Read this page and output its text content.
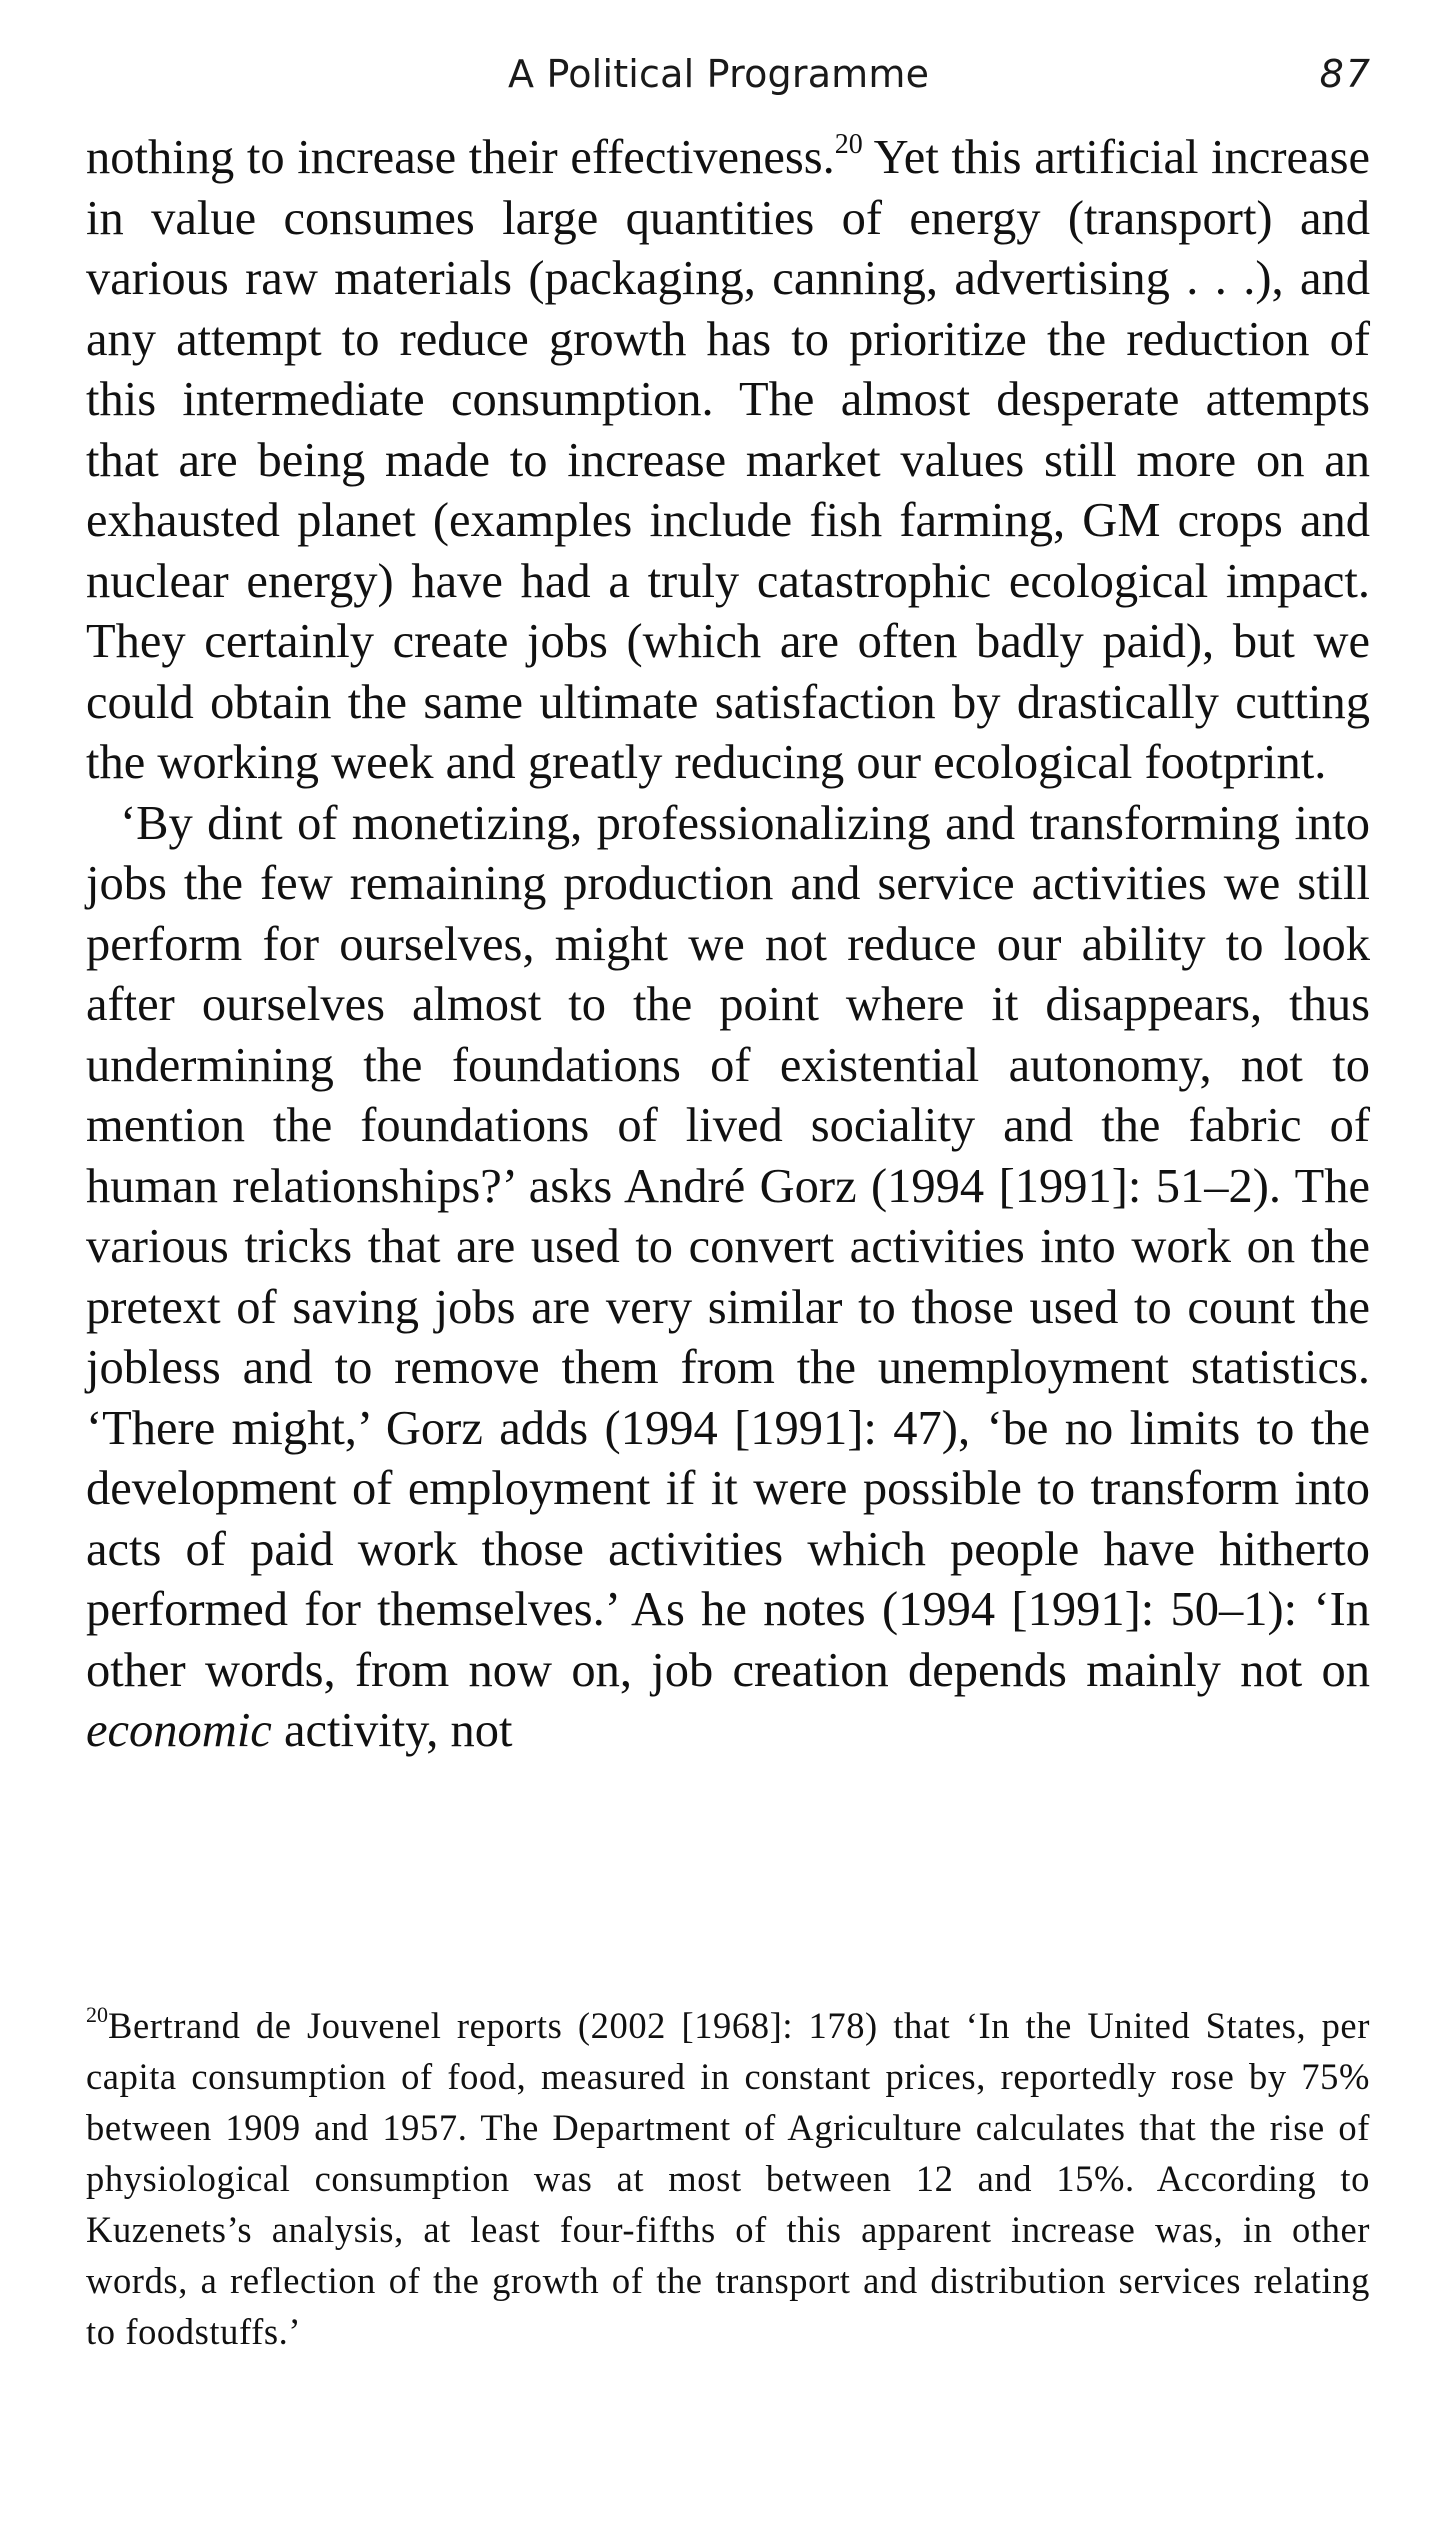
A Political Programme	87

nothing to increase their effectiveness.$^{20}$ Yet this artificial increase in value consumes large quantities of energy (transport) and various raw materials (packaging, canning, advertising . . .), and any attempt to reduce growth has to prioritize the reduction of this intermediate consumption. The almost desperate attempts that are being made to increase market values still more on an exhausted planet (examples include fish farming, GM crops and nuclear energy) have had a truly catastrophic ecological impact. They certainly create jobs (which are often badly paid), but we could obtain the same ultimate satisfaction by drastically cutting the working week and greatly reducing our ecological footprint.

‘By dint of monetizing, professionalizing and transforming into jobs the few remaining production and service activities we still perform for ourselves, might we not reduce our ability to look after ourselves almost to the point where it disappears, thus undermining the foundations of existential autonomy, not to mention the foundations of lived sociality and the fabric of human relationships?’ asks André Gorz (1994 [1991]: 51–2). The various tricks that are used to convert activities into work on the pretext of saving jobs are very similar to those used to count the jobless and to remove them from the unemployment statistics. ‘There might,’ Gorz adds (1994 [1991]: 47), ‘be no limits to the development of employment if it were possible to transform into acts of paid work those activities which people have hitherto performed for themselves.’ As he notes (1994 [1991]: 50–1): ‘In other words, from now on, job creation depends mainly not on economic activity, not

$^{20}$Bertrand de Jouvenel reports (2002 [1968]: 178) that ‘In the United States, per capita consumption of food, measured in constant prices, reportedly rose by 75% between 1909 and 1957. The Department of Agriculture calculates that the rise of physiological consumption was at most between 12 and 15%. According to Kuzenets’s analysis, at least four-fifths of this apparent increase was, in other words, a reflection of the growth of the transport and distribution services relating to foodstuffs.’
